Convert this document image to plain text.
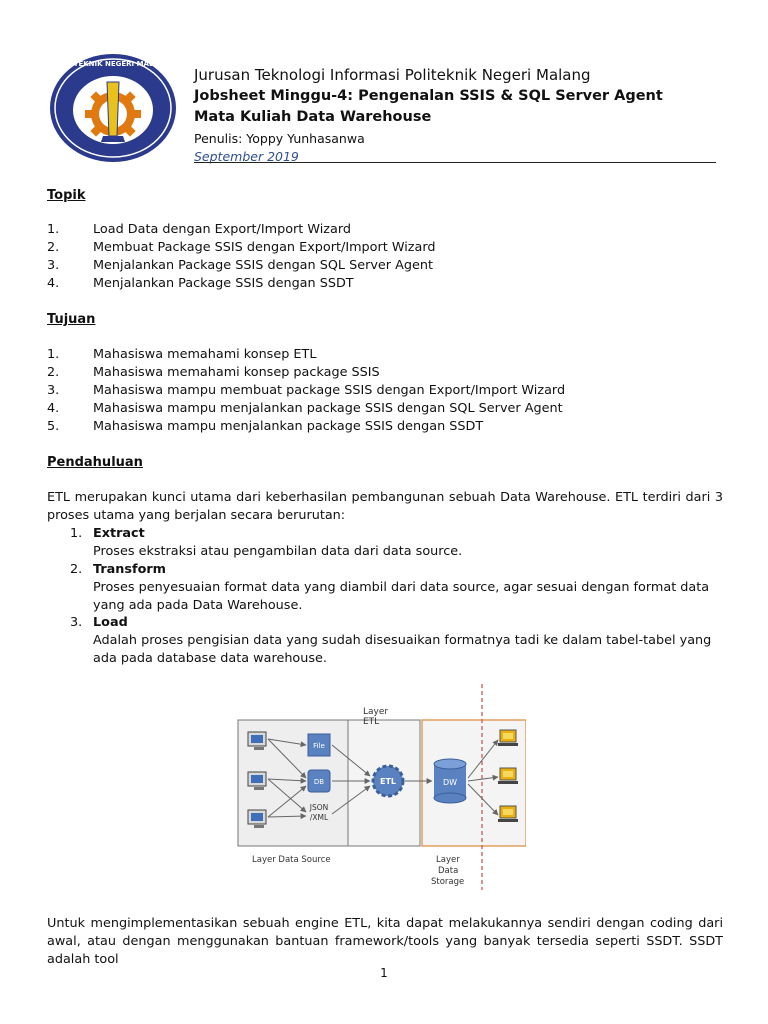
POLITEKNIK NEGERI MALANG
Jurusan Teknologi Informasi Politeknik Negeri Malang
Jobsheet Minggu-4: Pengenalan SSIS & SQL Server Agent
Mata Kuliah Data Warehouse
Penulis: Yoppy Yunhasanwa
September 2019
Topik
1.	Load Data dengan Export/Import Wizard
2.	Membuat Package SSIS dengan Export/Import Wizard
3.	Menjalankan Package SSIS dengan SQL Server Agent
4.	Menjalankan Package SSIS dengan SSDT
Tujuan
1.	Mahasiswa memahami konsep ETL
2.	Mahasiswa memahami konsep package SSIS
3.	Mahasiswa mampu membuat package SSIS dengan Export/Import Wizard
4.	Mahasiswa mampu menjalankan package SSIS dengan SQL Server Agent
5.	Mahasiswa mampu menjalankan package SSIS dengan SSDT
Pendahuluan
ETL merupakan kunci utama dari keberhasilan pembangunan sebuah Data Warehouse. ETL terdiri dari 3 proses utama yang berjalan secara berurutan:
1. Extract
Proses ekstraksi atau pengambilan data dari data source.
2. Transform
Proses penyesuaian format data yang diambil dari data source, agar sesuai dengan format data yang ada pada Data Warehouse.
3. Load
Adalah proses pengisian data yang sudah disesuaikan formatnya tadi ke dalam tabel-tabel yang ada pada database data warehouse.
Layer
ETL
File
DB
JSON
/XML
ETL	DW
Layer Data Source	Layer
Data
Storage
Untuk mengimplementasikan sebuah engine ETL, kita dapat melakukannya sendiri dengan coding dari awal, atau dengan menggunakan bantuan framework/tools yang banyak tersedia seperti SSDT. SSDT adalah tool
1
